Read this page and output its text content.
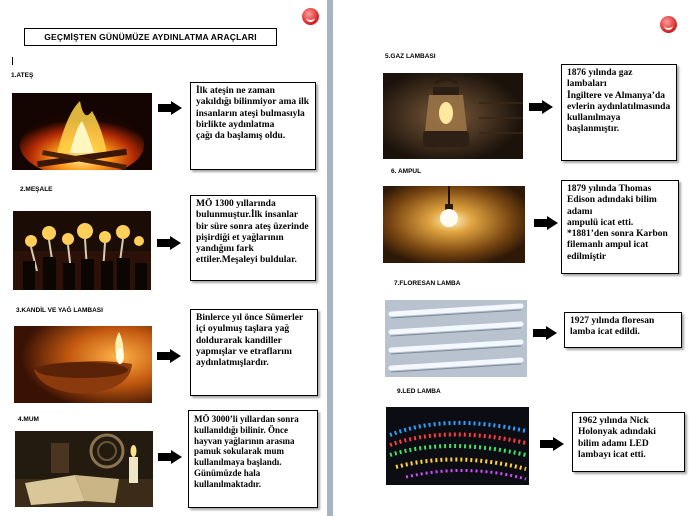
GEÇMİŞTEN GÜNÜMÜZE AYDINLATMA ARAÇLARI
1.ATEŞ
İlk ateşin ne zaman yakıldığı bilinmiyor ama ilk insanların ateşi bulmasıyla birlikte aydınlatma
çağı da başlamış oldu.
2.MEŞALE
MÖ 1300 yıllarında bulunmuştur.İlk insanlar bir süre sonra ateş üzerinde pişirdiği et yağlarının yandığını fark ettiler.Meşaleyi buldular.
3.KANDİL VE YAĞ LAMBASI
Binlerce yıl önce Sümerler içi oyulmuş taşlara yağ doldurarak kandiller yapmışlar ve etraflarını aydınlatmışlardır.
4.MUM	MÖ 3000’li yıllardan sonra kullanıldığı bilinir. Önce hayvan yağlarının arasına pamuk sokularak mum kullanılmaya başlandı. Günümüzde hala kullanılmaktadır.
5.GAZ LAMBASI
1876 yılında gaz lambaları
İngiltere ve Almanya’da evlerin aydınlatılmasında kullanılmaya başlanmıştır.
6. AMPUL
1879 yılında Thomas Edison adındaki bilim adamı
ampulü icat etti.
*1881’den sonra Karbon filemanlı ampul icat edilmiştir
7.FLORESAN LAMBA
1927 yılında floresan lamba icat edildi.
9.LED LAMBA
1962 yılında Nick Holonyak adındaki bilim adamı LED lambayı icat etti.
